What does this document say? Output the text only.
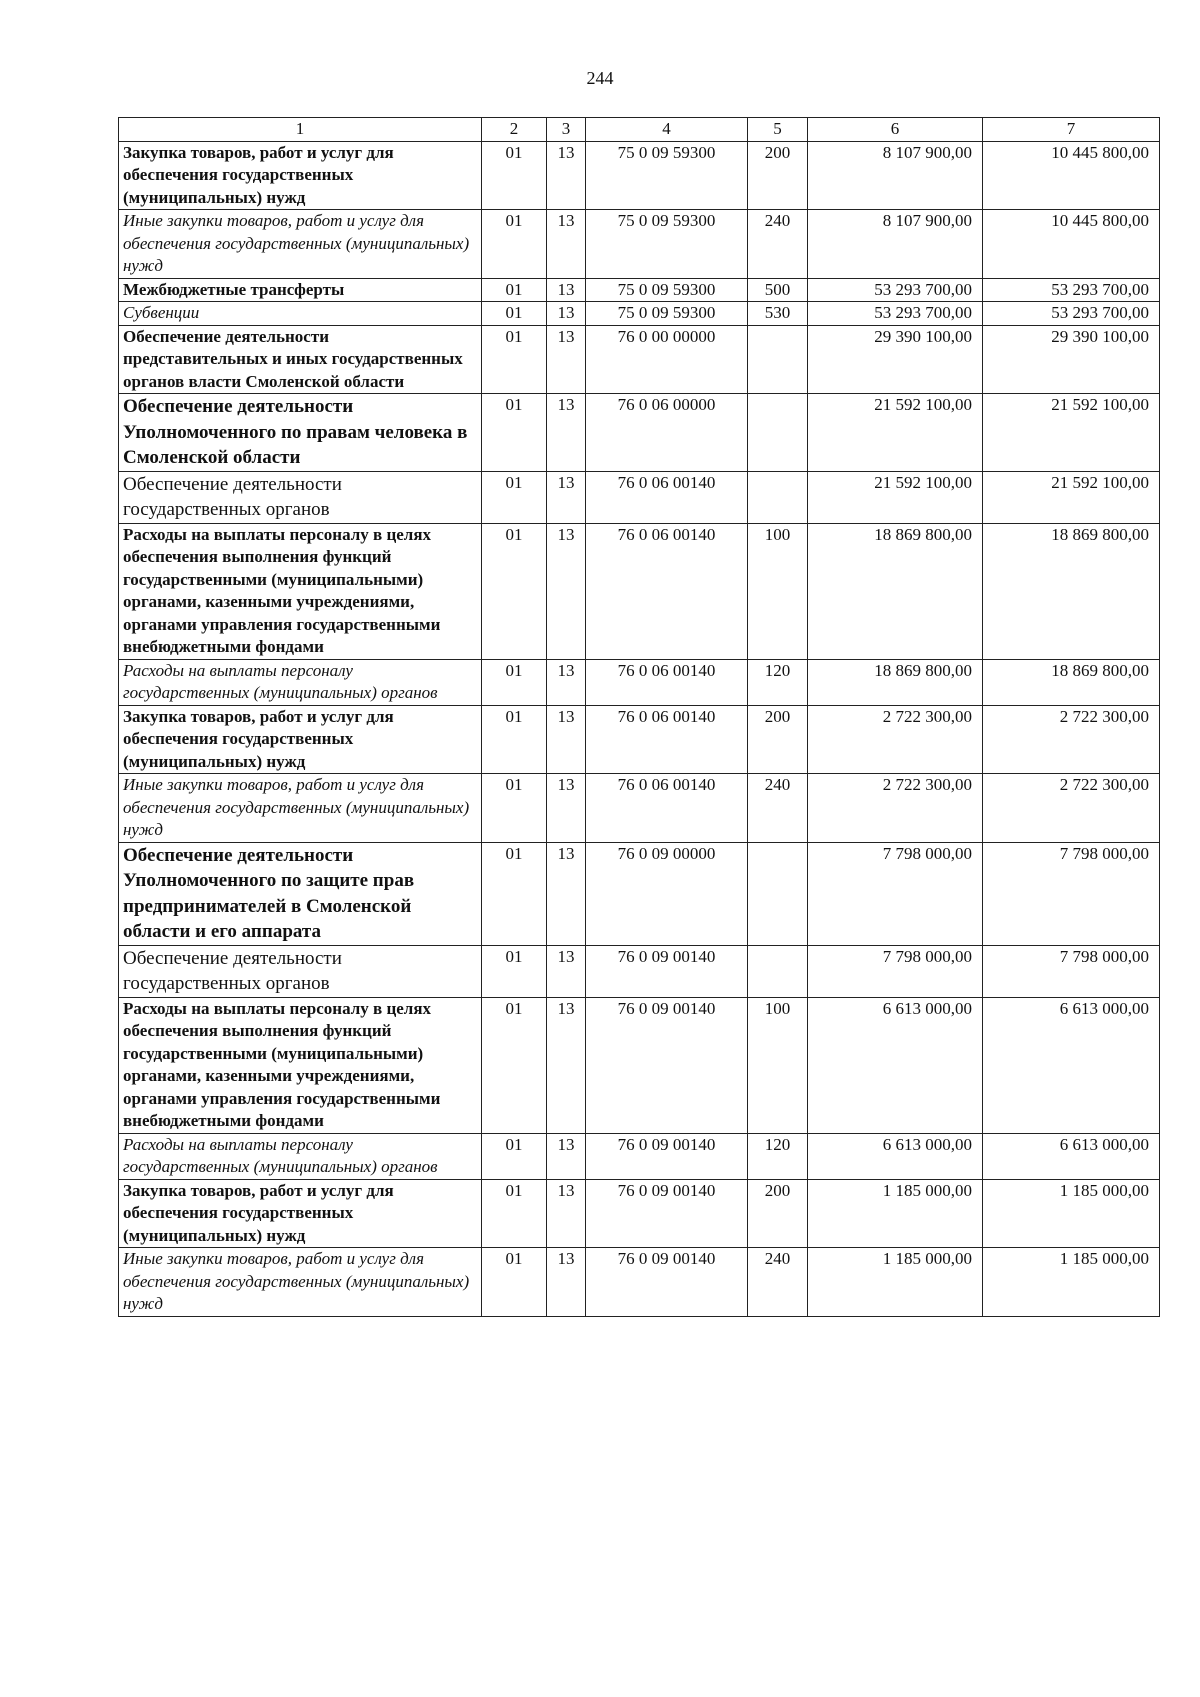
244
1	2	3	4	5	6	7
Закупка товаров, работ и услуг для обеспечения государственных (муниципальных) нужд	01	13	75 0 09 59300	200	8 107 900,00	10 445 800,00
Иные закупки товаров, работ и услуг для обеспечения государственных (муниципальных) нужд	01	13	75 0 09 59300	240	8 107 900,00	10 445 800,00
Межбюджетные трансферты	01	13	75 0 09 59300	500	53 293 700,00	53 293 700,00
Субвенции	01	13	75 0 09 59300	530	53 293 700,00	53 293 700,00
Обеспечение деятельности представительных и иных государственных органов власти Смоленской области	01	13	76 0 00 00000		29 390 100,00	29 390 100,00
Обеспечение деятельности Уполномоченного по правам человека в Смоленской области	01	13	76 0 06 00000		21 592 100,00	21 592 100,00
Обеспечение деятельности государственных органов	01	13	76 0 06 00140		21 592 100,00	21 592 100,00
Расходы на выплаты персоналу в целях обеспечения выполнения функций государственными (муниципальными) органами, казенными учреждениями, органами управления государственными внебюджетными фондами	01	13	76 0 06 00140	100	18 869 800,00	18 869 800,00
Расходы на выплаты персоналу государственных (муниципальных) органов	01	13	76 0 06 00140	120	18 869 800,00	18 869 800,00
Закупка товаров, работ и услуг для обеспечения государственных (муниципальных) нужд	01	13	76 0 06 00140	200	2 722 300,00	2 722 300,00
Иные закупки товаров, работ и услуг для обеспечения государственных (муниципальных) нужд	01	13	76 0 06 00140	240	2 722 300,00	2 722 300,00
Обеспечение деятельности Уполномоченного по защите прав предпринимателей в Смоленской области и его аппарата	01	13	76 0 09 00000		7 798 000,00	7 798 000,00
Обеспечение деятельности государственных органов	01	13	76 0 09 00140		7 798 000,00	7 798 000,00
Расходы на выплаты персоналу в целях обеспечения выполнения функций государственными (муниципальными) органами, казенными учреждениями, органами управления государственными внебюджетными фондами	01	13	76 0 09 00140	100	6 613 000,00	6 613 000,00
Расходы на выплаты персоналу государственных (муниципальных) органов	01	13	76 0 09 00140	120	6 613 000,00	6 613 000,00
Закупка товаров, работ и услуг для обеспечения государственных (муниципальных) нужд	01	13	76 0 09 00140	200	1 185 000,00	1 185 000,00
Иные закупки товаров, работ и услуг для обеспечения государственных (муниципальных) нужд	01	13	76 0 09 00140	240	1 185 000,00	1 185 000,00
